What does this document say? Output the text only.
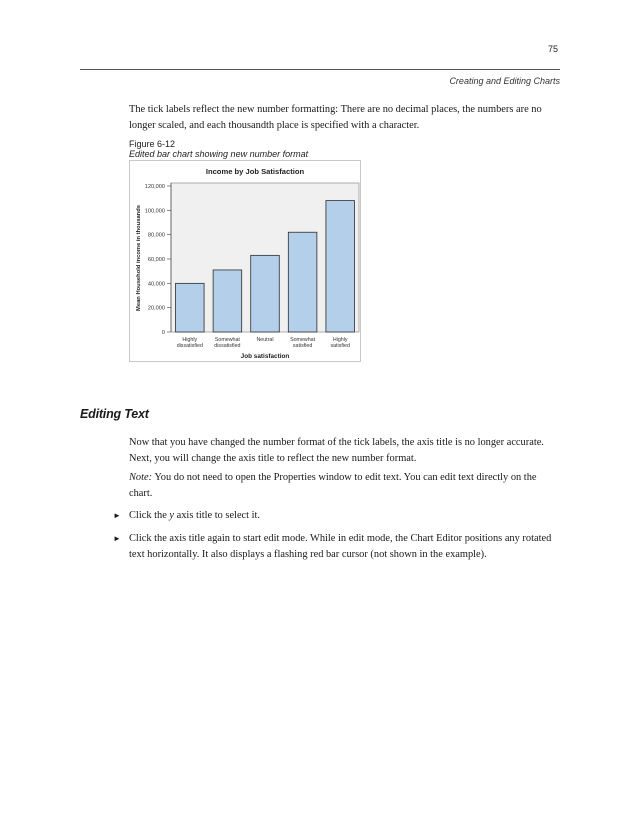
75
Creating and Editing Charts

The tick labels reflect the new number formatting: There are no decimal places, the numbers are no longer scaled, and each thousandth place is specified with a character.

Figure 6-12
Edited bar chart showing new number format
Income by Job Satisfaction
0
20,000
40,000
60,000
80,000
100,000
120,000
Highly
dissatisfied
Somewhat
dissatisfied
Neutral	Somewhat
satisfied
Highly
satisfied
Mean Household income in thousands
Job satisfaction
Editing Text

Now that you have changed the number format of the tick labels, the axis title is no longer accurate. Next, you will change the axis title to reflect the new number format.

Note: You do not need to open the Properties window to edit text. You can edit text directly on the chart.

► Click the y axis title to select it.
► Click the axis title again to start edit mode. While in edit mode, the Chart Editor positions any rotated text horizontally. It also displays a flashing red bar cursor (not shown in the example).
